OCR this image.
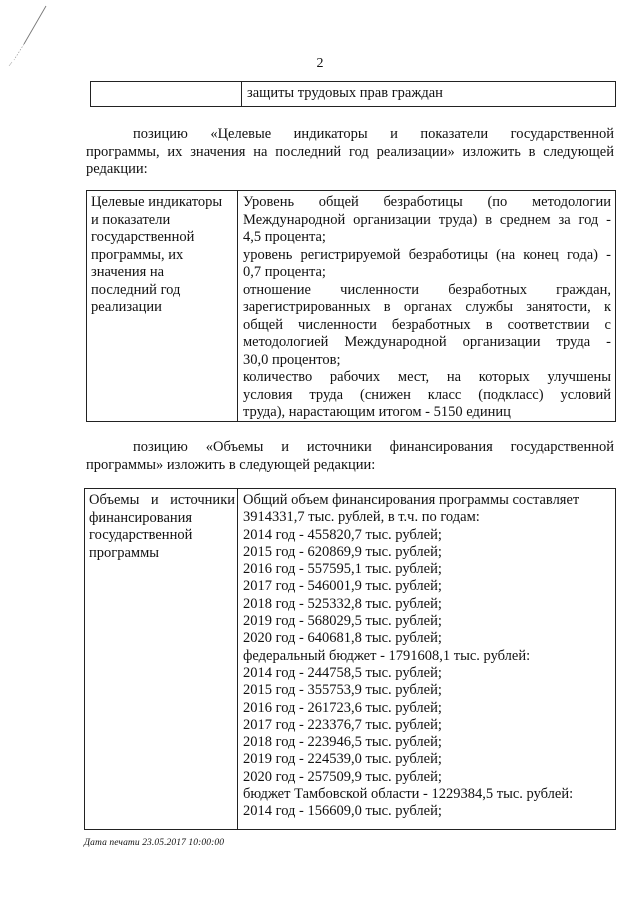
2
защиты трудовых прав граждан
позицию «Целевые индикаторы и показатели государственной
программы, их значения на последний год реализации» изложить в следующей
редакции:
Целевые индикаторы
и показатели
государственной
программы, их
значения на
последний год
реализации
Уровень общей безработицы (по методологии
Международной организации труда) в среднем за год -
4,5 процента;
уровень регистрируемой безработицы (на конец года) -
0,7 процента;
отношение численности безработных граждан,
зарегистрированных в органах службы занятости, к
общей численности безработных в соответствии с
методологией Международной организации труда -
30,0 процентов;
количество рабочих мест, на которых улучшены
условия труда (снижен класс (подкласс) условий
труда), нарастающим итогом - 5150 единиц
позицию «Объемы и источники финансирования государственной
программы» изложить в следующей редакции:
Объемы и источники
финансирования
государственной
программы
Общий объем финансирования программы составляет
3914331,7 тыс. рублей, в т.ч. по годам:
2014 год - 455820,7 тыс. рублей;
2015 год - 620869,9 тыс. рублей;
2016 год - 557595,1 тыс. рублей;
2017 год - 546001,9 тыс. рублей;
2018 год - 525332,8 тыс. рублей;
2019 год - 568029,5 тыс. рублей;
2020 год - 640681,8 тыс. рублей;
федеральный бюджет - 1791608,1 тыс. рублей:
2014 год - 244758,5 тыс. рублей;
2015 год - 355753,9 тыс. рублей;
2016 год - 261723,6 тыс. рублей;
2017 год - 223376,7 тыс. рублей;
2018 год - 223946,5 тыс. рублей;
2019 год - 224539,0 тыс. рублей;
2020 год - 257509,9 тыс. рублей;
бюджет Тамбовской области - 1229384,5 тыс. рублей:
2014 год - 156609,0 тыс. рублей;
Дата печати 23.05.2017 10:00:00
